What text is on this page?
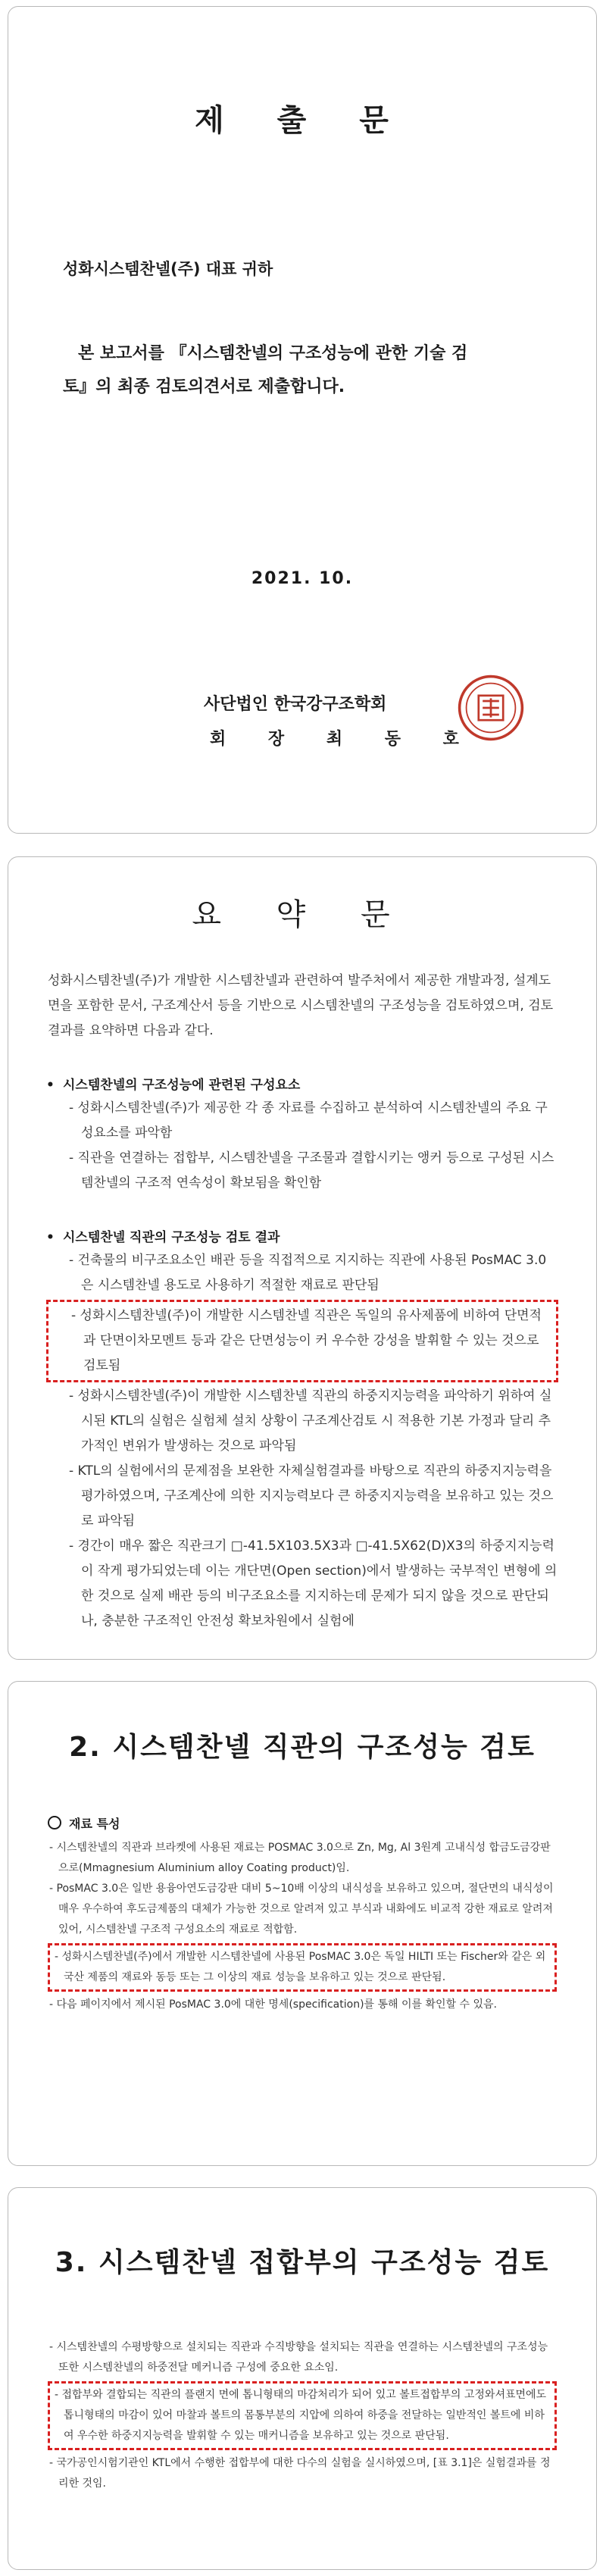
제 출 문
성화시스템찬넬(주) 대표 귀하
본 보고서를 『시스템찬넬의 구조성능에 관한 기술 검
토』의 최종 검토의견서로 제출합니다.
2021. 10.
사단법인 한국강구조학회
회 장 최 동 호
요 약 문

성화시스템찬넬(주)가 개발한 시스템찬넬과 관련하여 발주처에서 제공한 개발과정, 설계도면을 포함한 문서, 구조계산서 등을 기반으로 시스템찬넬의 구조성능을 검토하였으며, 검토결과를 요약하면 다음과 같다.

• 시스템찬넬의 구조성능에 관련된 구성요소

- 성화시스템찬넬(주)가 제공한 각 종 자료를 수집하고 분석하여 시스템찬넬의 주요 구성요소를 파악함

- 직관을 연결하는 접합부, 시스템찬넬을 구조물과 결합시키는 앵커 등으로 구성된 시스템찬넬의 구조적 연속성이 확보됨을 확인함

• 시스템찬넬 직관의 구조성능 검토 결과

- 건축물의 비구조요소인 배관 등을 직접적으로 지지하는 직관에 사용된 PosMAC 3.0은 시스템찬넬 용도로 사용하기 적절한 재료로 판단됨

- 성화시스템찬넬(주)이 개발한 시스템찬넬 직관은 독일의 유사제품에 비하여 단면적과 단면이차모멘트 등과 같은 단면성능이 커 우수한 강성을 발휘할 수 있는 것으로 검토됨

- 성화시스템찬넬(주)이 개발한 시스템찬넬 직관의 하중지지능력을 파악하기 위하여 실시된 KTL의 실험은 실험체 설치 상황이 구조계산검토 시 적용한 기본 가정과 달리 추가적인 변위가 발생하는 것으로 파악됨

- KTL의 실험에서의 문제점을 보완한 자체실험결과를 바탕으로 직관의 하중지지능력을 평가하였으며, 구조계산에 의한 지지능력보다 큰 하중지지능력을 보유하고 있는 것으로 파악됨

- 경간이 매우 짧은 직관크기 □-41.5X103.5X3과 □-41.5X62(D)X3의 하중지지능력이 작게 평가되었는데 이는 개단면(Open section)에서 발생하는 국부적인 변형에 의한 것으로 실제 배관 등의 비구조요소를 지지하는데 문제가 되지 않을 것으로 판단되나, 충분한 구조적인 안전성 확보차원에서 실험에

2. 시스템찬넬 직관의 구조성능 검토
재료 특성

- 시스템찬넬의 직관과 브라켓에 사용된 재료는 POSMAC 3.0으로 Zn, Mg, Al 3원계 고내식성 합금도금강판으로(Mmagnesium Aluminium alloy Coating product)임.

- PosMAC 3.0은 일반 용융아연도금강판 대비 5~10배 이상의 내식성을 보유하고 있으며, 절단면의 내식성이 매우 우수하여 후도금제품의 대체가 가능한 것으로 알려져 있고 부식과 내화에도 비교적 강한 재료로 알려져 있어, 시스템찬넬 구조적 구성요소의 재료로 적합함.

- 성화시스템찬넬(주)에서 개발한 시스템찬넬에 사용된 PosMAC 3.0은 독일 HILTI 또는 Fischer와 같은 외국산 제품의 재료와 동등 또는 그 이상의 재료 성능을 보유하고 있는 것으로 판단됨.

- 다음 페이지에서 제시된 PosMAC 3.0에 대한 명세(specification)를 통해 이를 확인할 수 있음.

3. 시스템찬넬 접합부의 구조성능 검토

- 시스템찬넬의 수평방향으로 설치되는 직관과 수직방향을 설치되는 직관을 연결하는 시스템찬넬의 구조성능 또한 시스템찬넬의 하중전달 메커니즘 구성에 중요한 요소임.

- 접합부와 결합되는 직관의 플랜지 면에 톱니형태의 마감처리가 되어 있고 볼트접합부의 고정와셔표면에도 톱니형태의 마감이 있어 마찰과 볼트의 몸통부분의 지압에 의하여 하중을 전달하는 일반적인 볼트에 비하여 우수한 하중지지능력을 발휘할 수 있는 매커니즘을 보유하고 있는 것으로 판단됨.

- 국가공인시험기관인 KTL에서 수행한 접합부에 대한 다수의 실험을 실시하였으며, [표 3.1]은 실험결과를 정리한 것임.
